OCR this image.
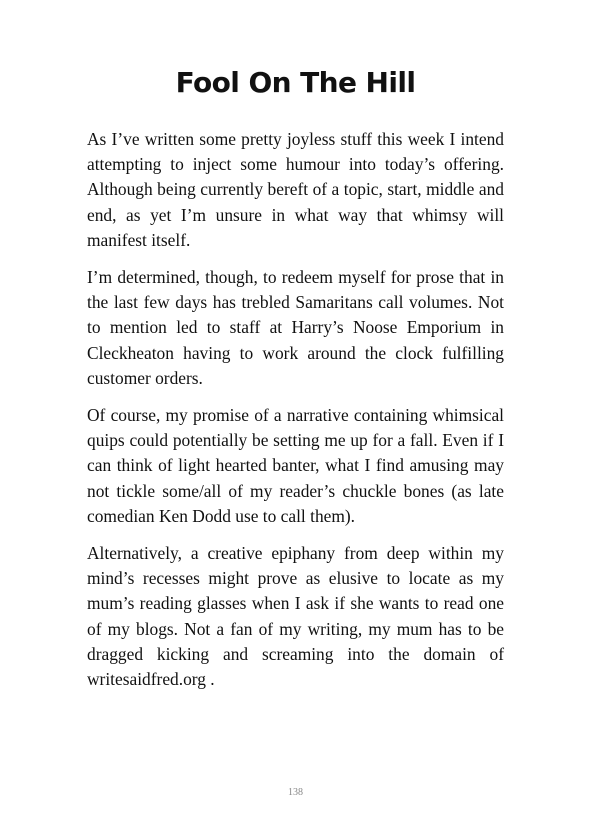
Fool On The Hill

As I’ve written some pretty joyless stuff this week I intend attempting to inject some humour into today’s offering. Although being currently bereft of a topic, start, middle and end, as yet I’m unsure in what way that whimsy will manifest itself.

I’m determined, though, to redeem myself for prose that in the last few days has trebled Samaritans call volumes. Not to mention led to staff at Harry’s Noose Emporium in Cleckheaton having to work around the clock fulfilling customer orders.

Of course, my promise of a narrative containing whimsical quips could potentially be setting me up for a fall. Even if I can think of light hearted banter, what I find amusing may not tickle some/all of my reader’s chuckle bones (as late comedian Ken Dodd use to call them).

Alternatively, a creative epiphany from deep within my mind’s recesses might prove as elusive to locate as my mum’s reading glasses when I ask if she wants to read one of my blogs. Not a fan of my writing, my mum has to be dragged kicking and screaming into the domain of writesaidfred.org .

138
